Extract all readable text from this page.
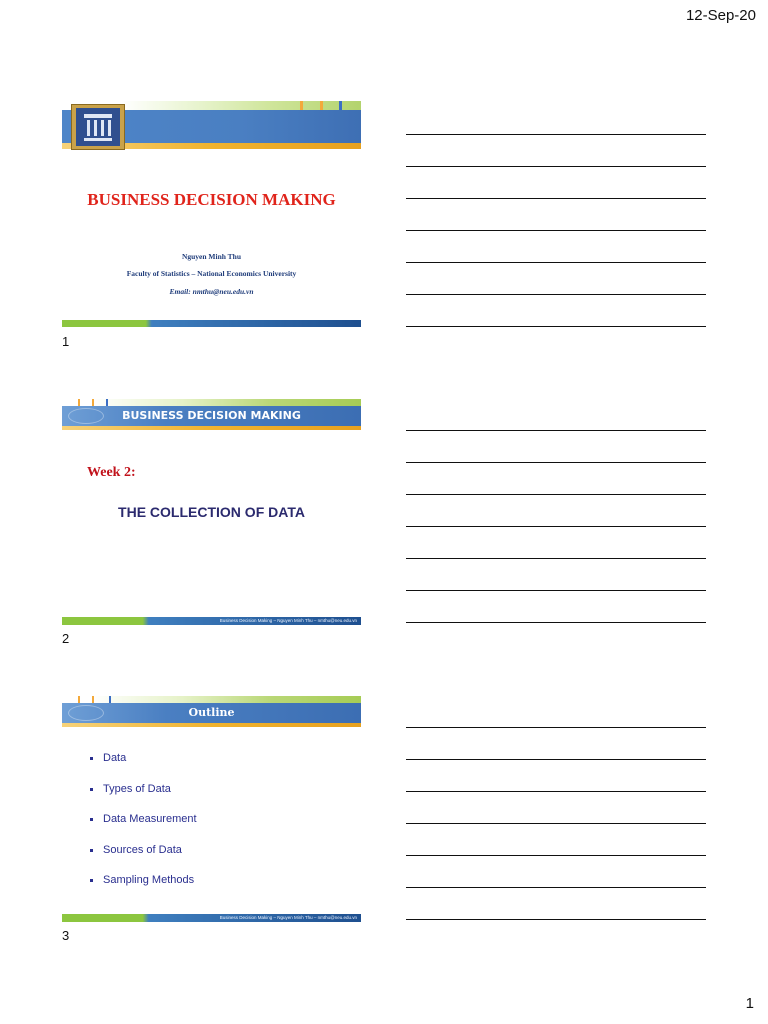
12-Sep-20
BUSINESS DECISION MAKING
Nguyen Minh Thu
Faculty of Statistics – National Economics University
Email: nmthu@neu.edu.vn
1
BUSINESS DECISION MAKING
Week 2:
THE COLLECTION OF DATA
Business Decision Making – Nguyen Minh Thu – nmthu@neu.edu.vn
2
Outline
Data
Types of Data
Data Measurement
Sources of Data
Sampling Methods
Business Decision Making – Nguyen Minh Thu – nmthu@neu.edu.vn
3
1
